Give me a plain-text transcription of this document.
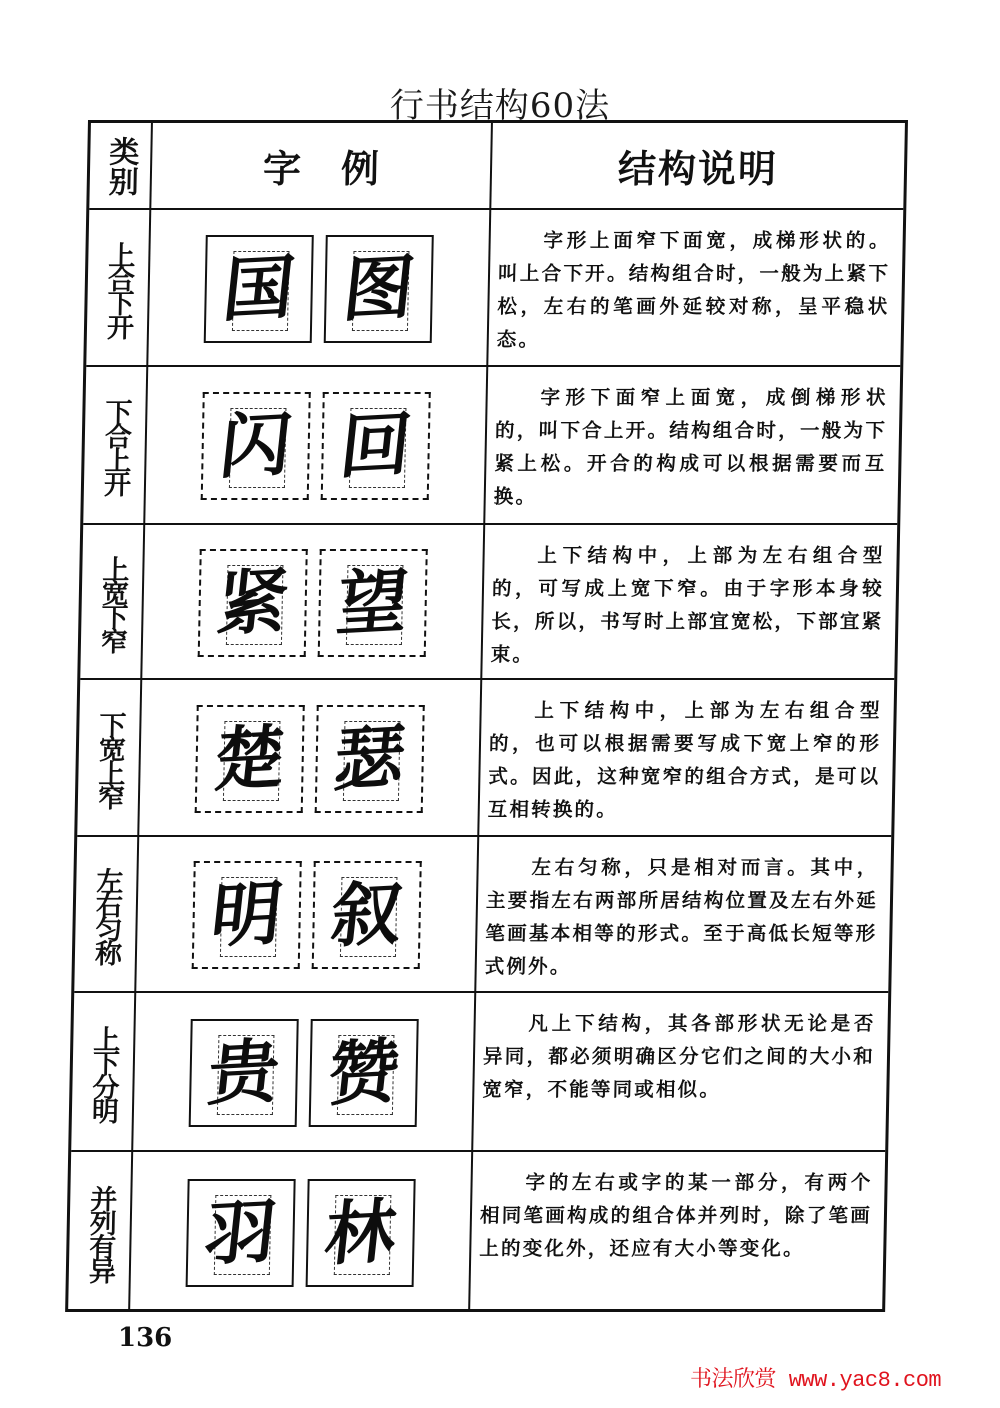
行书结构60法
类别	字例	结构说明
上合下开 国 图

字形上面窄下面宽，成梯形状的。叫上合下开。结构组合时，一般为上紧下松，左右的笔画外延较对称，呈平稳状态。

下合上开 闪 回

字形下面窄上面宽，成倒梯形状的，叫下合上开。结构组合时，一般为下紧上松。开合的构成可以根据需要而互换。

上宽下窄 紧 望

上下结构中，上部为左右组合型的，可写成上宽下窄。由于字形本身较长，所以，书写时上部宜宽松，下部宜紧束。

下宽上窄 楚 瑟

上下结构中，上部为左右组合型的，也可以根据需要写成下宽上窄的形式。因此，这种宽窄的组合方式，是可以互相转换的。

左右匀称 明 叙

左右匀称，只是相对而言。其中，主要指左右两部所居结构位置及左右外延笔画基本相等的形式。至于高低长短等形式例外。

上下分明 贵 赞

凡上下结构，其各部形状无论是否异同，都必须明确区分它们之间的大小和宽窄，不能等同或相似。

并列有异 羽 林

字的左右或字的某一部分，有两个相同笔画构成的组合体并列时，除了笔画上的变化外，还应有大小等变化。

136
书法欣赏 www.yac8.com
